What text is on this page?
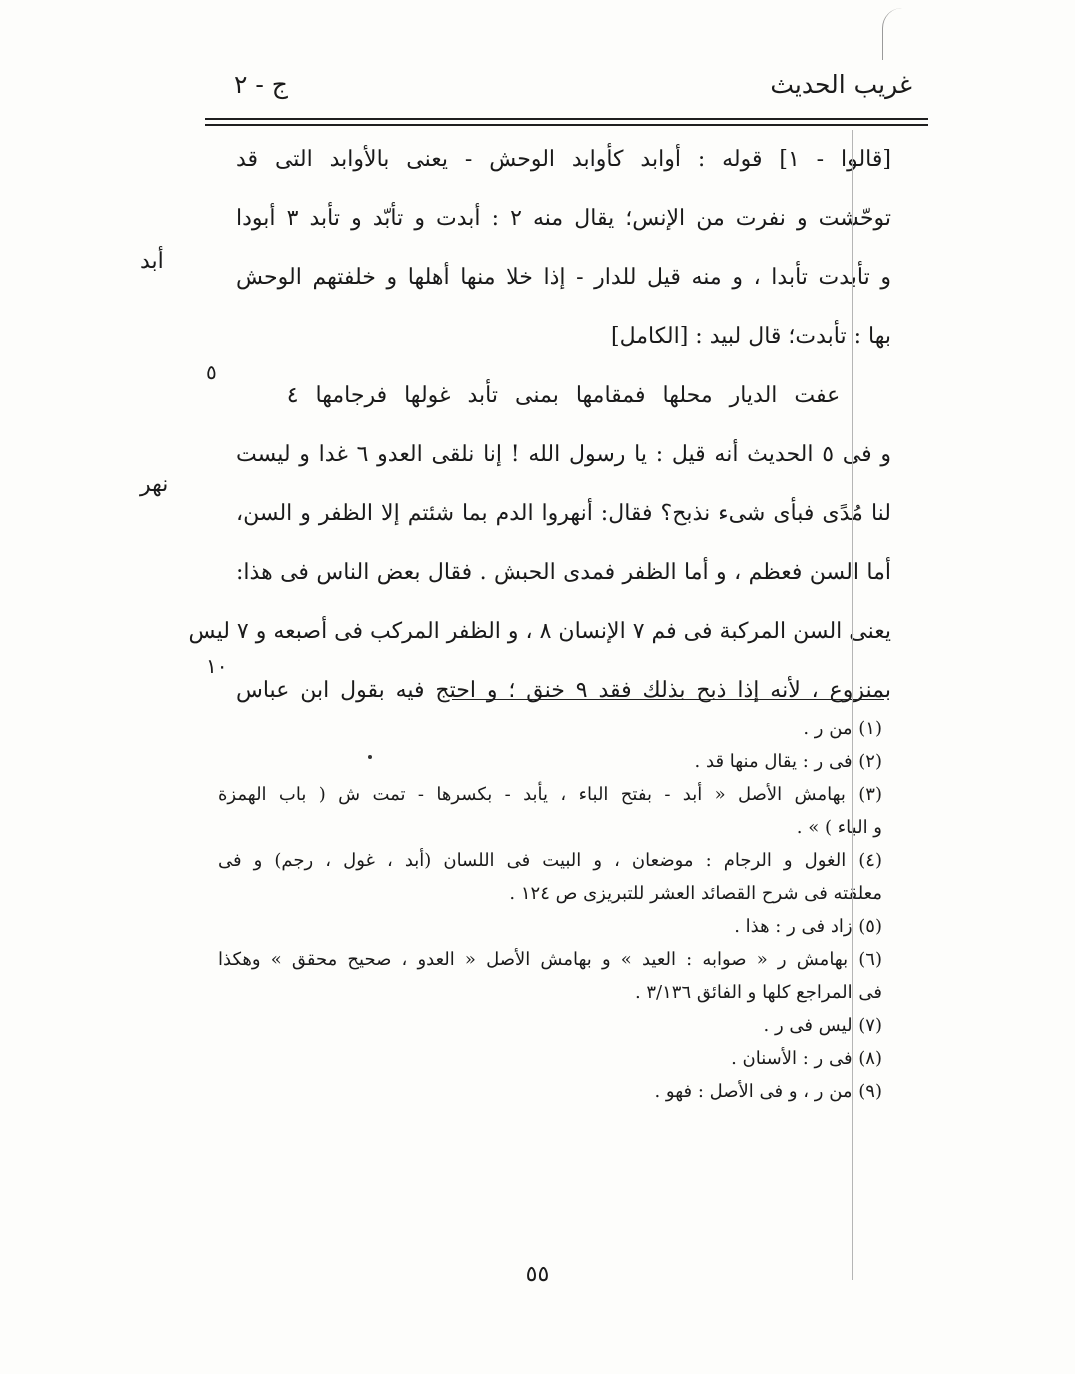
غريب الحديث
ج - ٢
[قالوا - ١] قوله : أوابد كأوابد الوحش - يعنى بالأوابد التى قد
توحّشت و نفرت من الإنس؛ يقال منه ٢ : أبدت و تأبّد و تأبد ٣ أبودا
و تأبدت تأبدا ، و منه قيل للدار - إذا خلا منها أهلها و خلفتهم الوحش
بها : تأبدت؛ قال لبيد : [الكامل]
عفت الديار محلها فمقامها بمنى تأبد غولها فرجامها ٤
و فى ٥ الحديث أنه قيل : يا رسول الله ! إنا نلقى العدو ٦ غدا و ليست
لنا مُدًى فبأى شىء نذبح؟ فقال: أنهروا الدم بما شئتم إلا الظفر و السن،
أما السن فعظم ، و أما الظفر فمدى الحبش . فقال بعض الناس فى هذا:
يعنى السن المركبة فى فم ٧ الإنسان ٨ ، و الظفر المركب فى أصبعه و ٧ ليس
بمنزوع ، لأنه إذا ذبح بذلك فقد ٩ خنق ؛ و احتج فيه بقول ابن عباس
أبد
نهر
٥
١٠
(١) من ر .
(٢) فى ر : يقال منها قد .
(٣) بهامش الأصل « أبد - بفتح الباء ، يأبد - بكسرها - تمت ش ( باب الهمزة
و الباء ) » .
(٤) الغول و الرجام : موضعان ، و البيت فى اللسان (أبد ، غول ، رجم) و فى
معلقته فى شرح القصائد العشر للتبريزى ص ١٢٤ .
(٥) زاد فى ر : هذا .
(٦) بهامش ر « صوابه : العيد » و بهامش الأصل « العدو ، صحيح محقق » وهكذا
فى المراجع كلها و الفائق ٣/١٣٦ .
(٧) ليس فى ر .
(٨) فى ر : الأسنان .
(٩) من ر ، و فى الأصل : فهو .
٥٥
